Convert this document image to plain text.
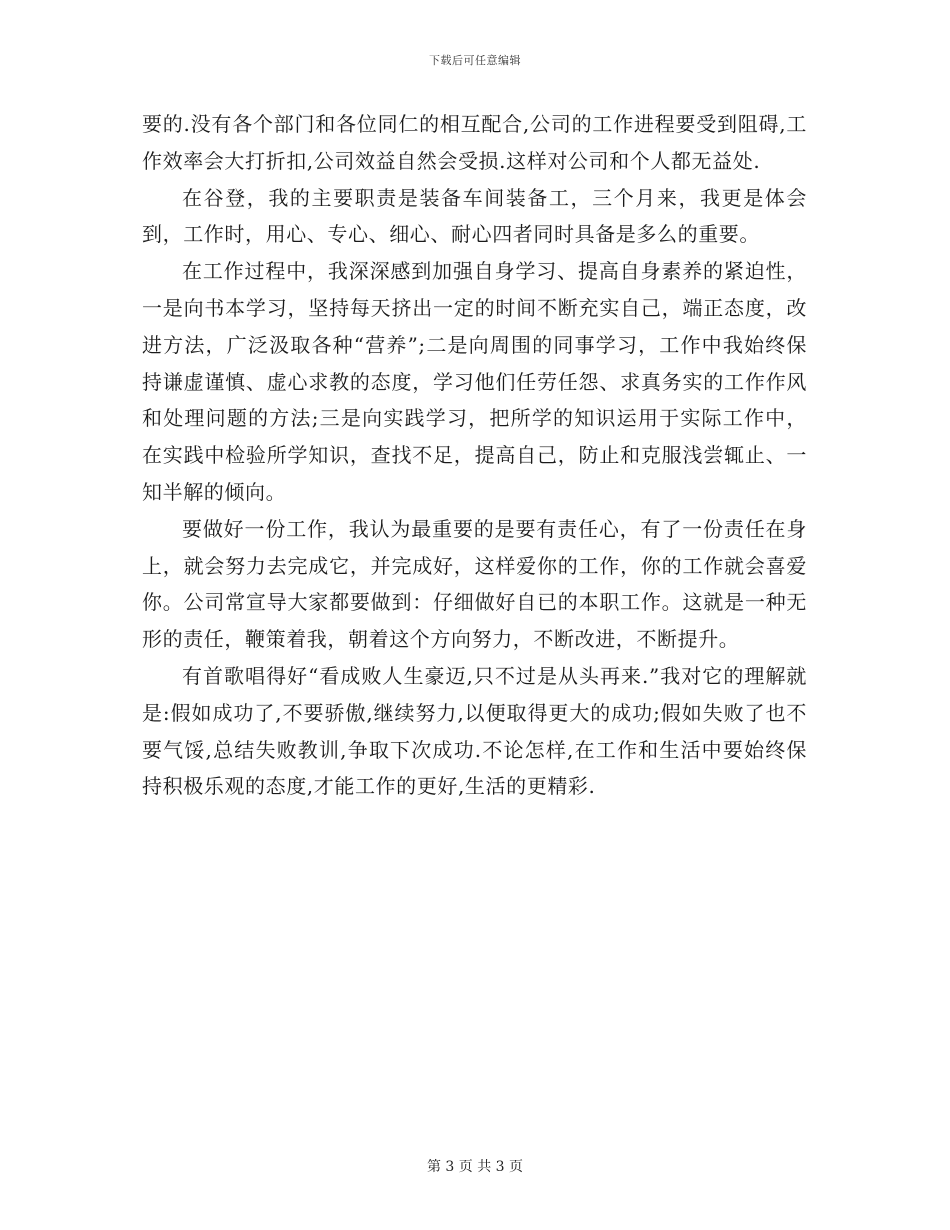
下载后可任意编辑

要的.没有各个部门和各位同仁的相互配合,公司的工作进程要受到阻碍,工作效率会大打折扣,公司效益自然会受损.这样对公司和个人都无益处.

在谷登，我的主要职责是装备车间装备工，三个月来，我更是体会到，工作时，用心、专心、细心、耐心四者同时具备是多么的重要。

在工作过程中，我深深感到加强自身学习、提高自身素养的紧迫性，一是向书本学习，坚持每天挤出一定的时间不断充实自己，端正态度，改进方法，广泛汲取各种“营养”;二是向周围的同事学习，工作中我始终保持谦虚谨慎、虚心求教的态度，学习他们任劳任怨、求真务实的工作作风和处理问题的方法;三是向实践学习，把所学的知识运用于实际工作中，在实践中检验所学知识，查找不足，提高自己，防止和克服浅尝辄止、一知半解的倾向。

要做好一份工作，我认为最重要的是要有责任心，有了一份责任在身上，就会努力去完成它，并完成好，这样爱你的工作，你的工作就会喜爱你。公司常宣导大家都要做到：仔细做好自已的本职工作。这就是一种无形的责任，鞭策着我，朝着这个方向努力，不断改进，不断提升。

有首歌唱得好“看成败人生豪迈,只不过是从头再来.”我对它的理解就是:假如成功了,不要骄傲,继续努力,以便取得更大的成功;假如失败了也不要气馁,总结失败教训,争取下次成功.不论怎样,在工作和生活中要始终保持积极乐观的态度,才能工作的更好,生活的更精彩.

第 3 页 共 3 页
